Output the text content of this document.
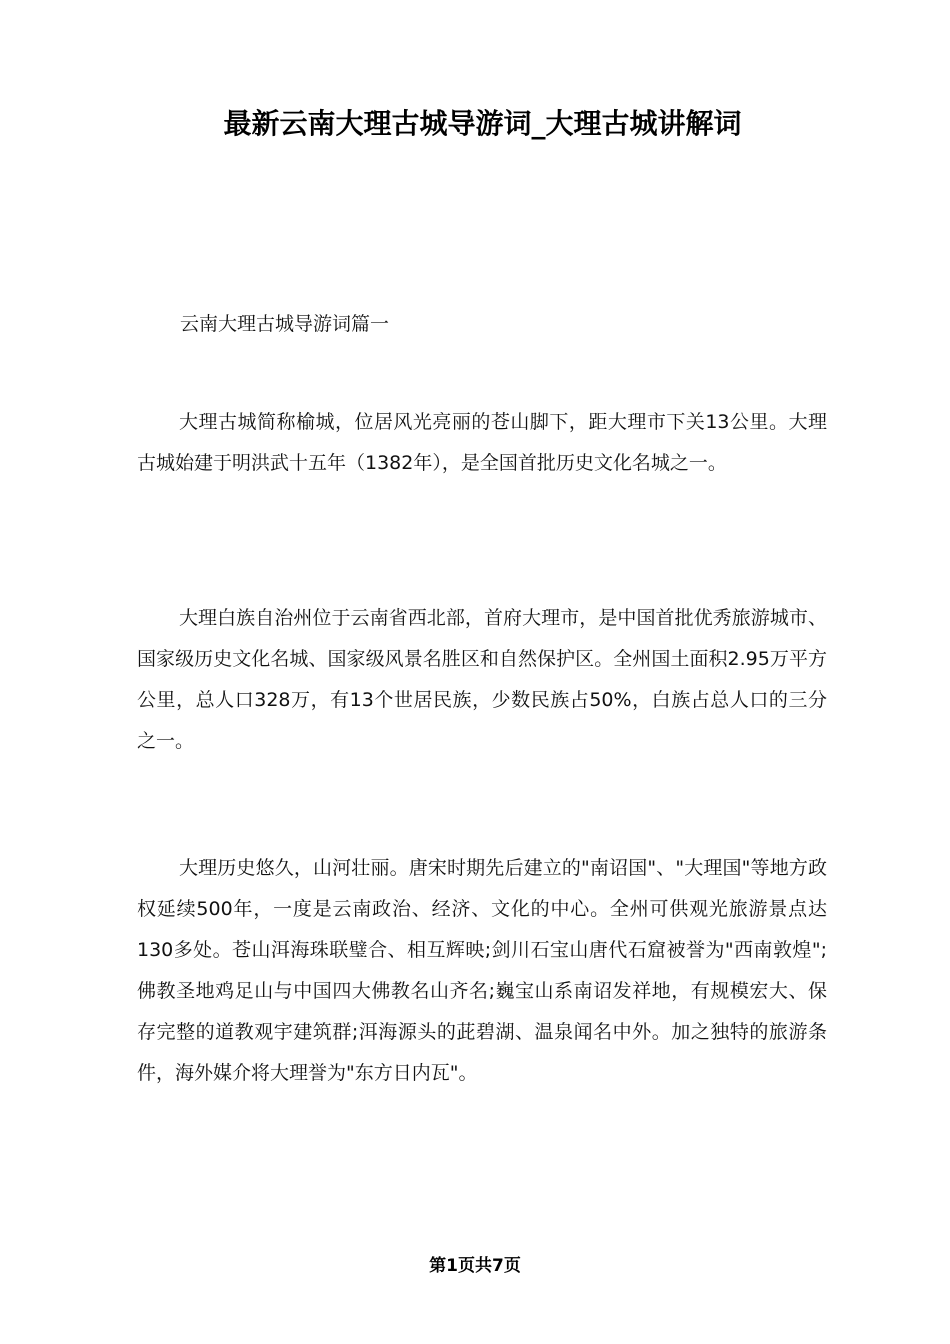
最新云南大理古城导游词_大理古城讲解词

云南大理古城导游词篇一

大理古城简称榆城，位居风光亮丽的苍山脚下，距大理市下关13公里。大理古城始建于明洪武十五年（1382年），是全国首批历史文化名城之一。

大理白族自治州位于云南省西北部，首府大理市，是中国首批优秀旅游城市、国家级历史文化名城、国家级风景名胜区和自然保护区。全州国土面积2.95万平方公里，总人口328万，有13个世居民族，少数民族占50%，白族占总人口的三分之一。

大理历史悠久，山河壮丽。唐宋时期先后建立的"南诏国"、"大理国"等地方政权延续500年，一度是云南政治、经济、文化的中心。全州可供观光旅游景点达130多处。苍山洱海珠联璧合、相互辉映;剑川石宝山唐代石窟被誉为"西南敦煌";佛教圣地鸡足山与中国四大佛教名山齐名;巍宝山系南诏发祥地，有规模宏大、保存完整的道教观宇建筑群;洱海源头的茈碧湖、温泉闻名中外。加之独特的旅游条件，海外媒介将大理誉为"东方日内瓦"。

第1页共7页
